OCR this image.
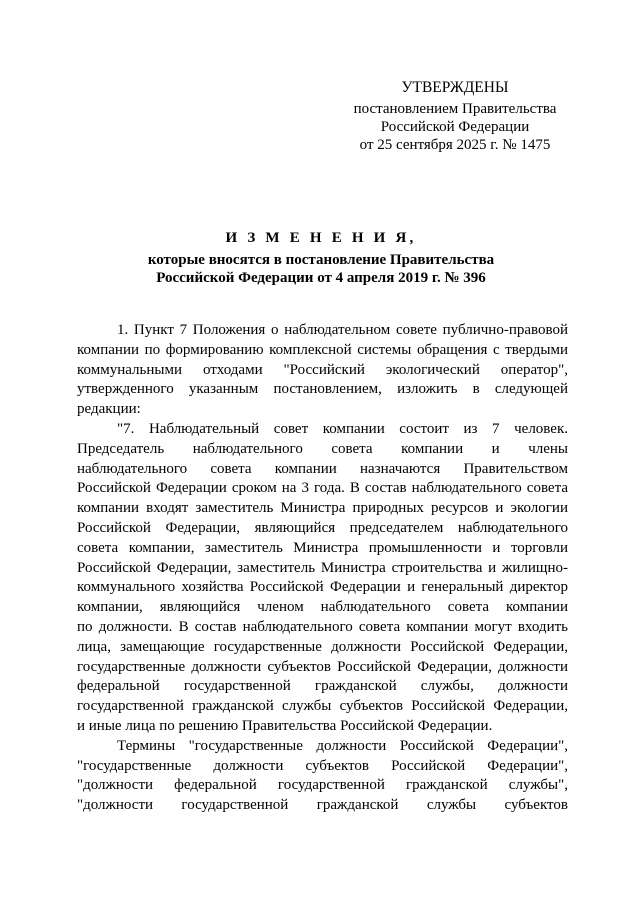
УТВЕРЖДЕНЫ
постановлением Правительства
Российской Федерации
от 25 сентября 2025 г. № 1475
И З М Е Н Е Н И Я,
которые вносятся в постановление Правительства
Российской Федерации от 4 апреля 2019 г. № 396

1. Пункт 7 Положения о наблюдательном совете публично-правовой

компании по формированию комплексной системы обращения с твердыми

коммунальными отходами "Российский экологический оператор",

утвержденного указанным постановлением, изложить в следующей

редакции:

"7. Наблюдательный совет компании состоит из 7 человек.

Председатель наблюдательного совета компании и члены

наблюдательного совета компании назначаются Правительством

Российской Федерации сроком на 3 года. В состав наблюдательного совета

компании входят заместитель Министра природных ресурсов и экологии

Российской Федерации, являющийся председателем наблюдательного

совета компании, заместитель Министра промышленности и торговли

Российской Федерации, заместитель Министра строительства и жилищно-

коммунального хозяйства Российской Федерации и генеральный директор

компании, являющийся членом наблюдательного совета компании

по должности. В состав наблюдательного совета компании могут входить

лица, замещающие государственные должности Российской Федерации,

государственные должности субъектов Российской Федерации, должности

федеральной государственной гражданской службы, должности

государственной гражданской службы субъектов Российской Федерации,

и иные лица по решению Правительства Российской Федерации.

Термины "государственные должности Российской Федерации",

"государственные должности субъектов Российской Федерации",

"должности федеральной государственной гражданской службы",

"должности государственной гражданской службы субъектов
